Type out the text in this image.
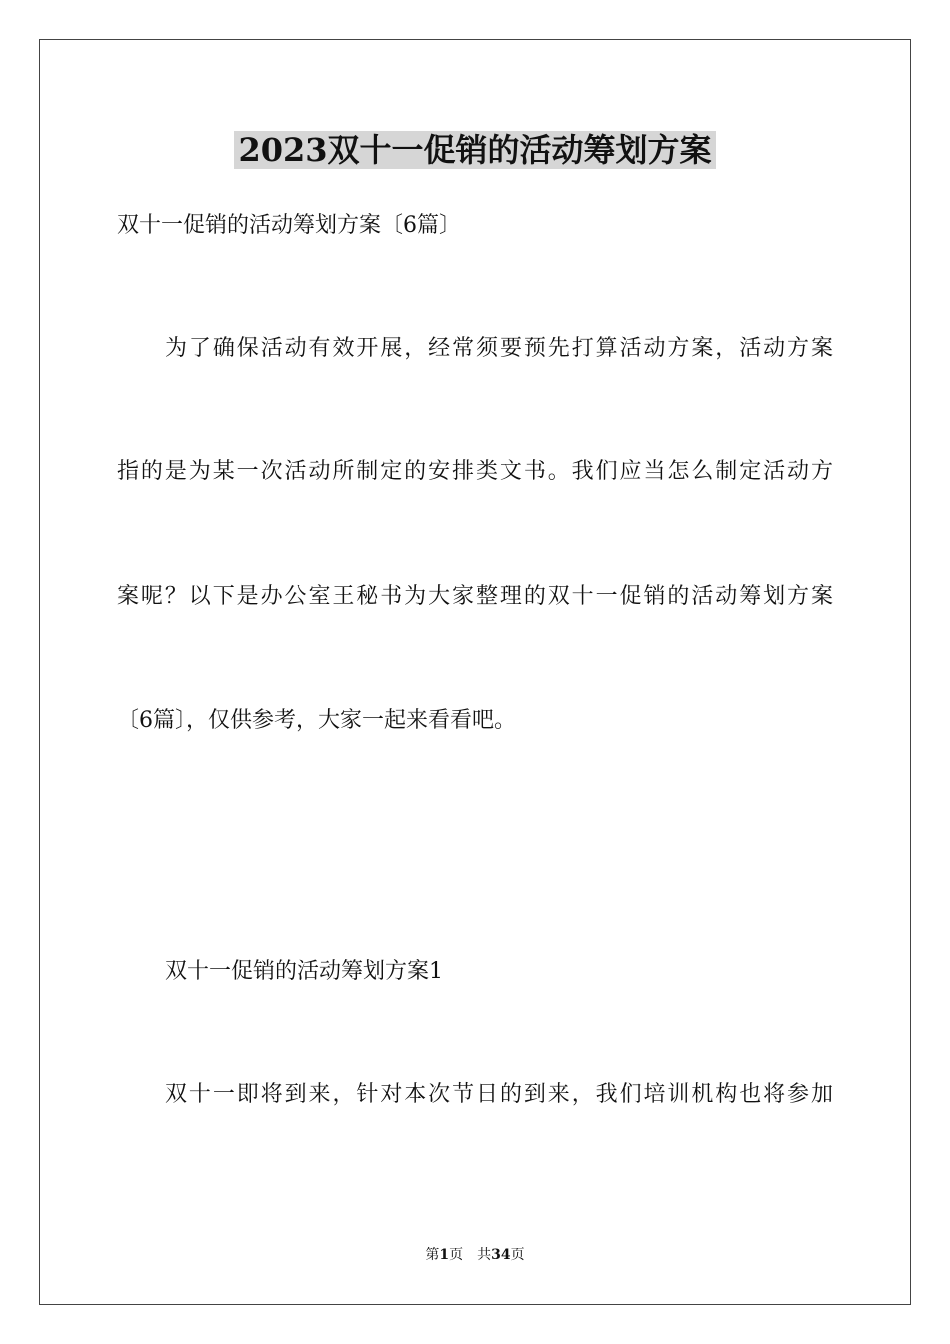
2023双十一促销的活动筹划方案
双十一促销的活动筹划方案〔6篇〕
为了确保活动有效开展，经常须要预先打算活动方案，活动方案
指的是为某一次活动所制定的安排类文书。我们应当怎么制定活动方
案呢？以下是办公室王秘书为大家整理的双十一促销的活动筹划方案
〔6篇〕，仅供参考，大家一起来看看吧。
双十一促销的活动筹划方案1
双十一即将到来，针对本次节日的到来，我们培训机构也将参加
第1页 共34页
